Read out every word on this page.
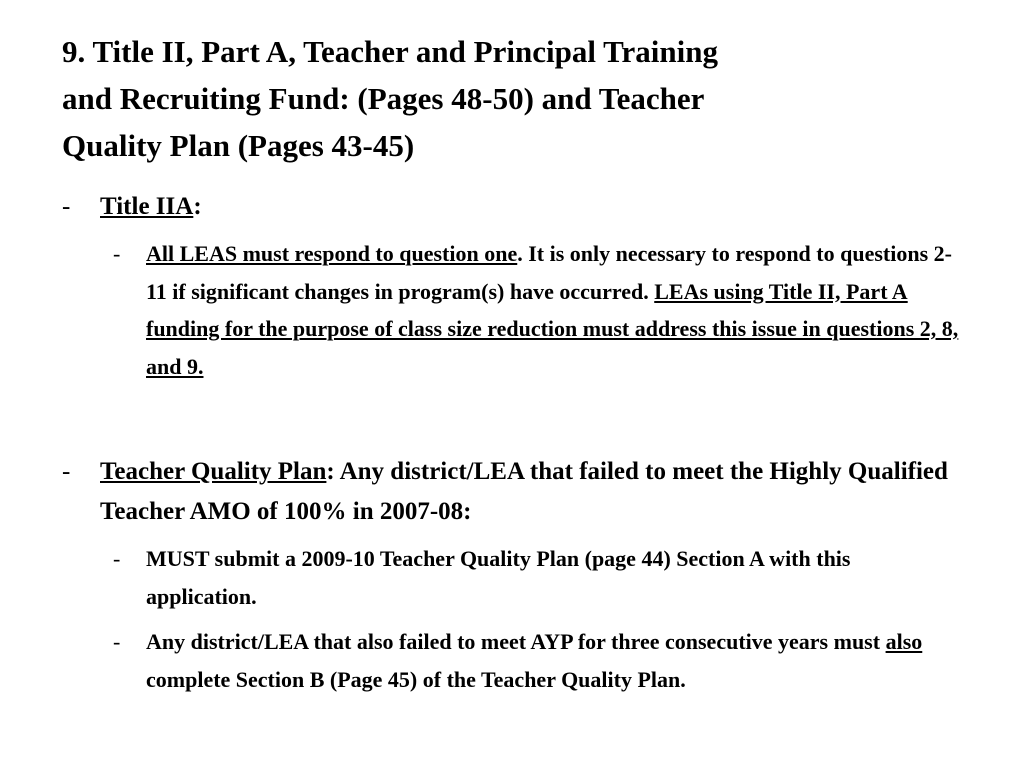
9. Title II, Part A, Teacher and Principal Training
and Recruiting Fund: (Pages 48-50) and Teacher
Quality Plan (Pages 43-45)
- Title IIA:
- All LEAS must respond to question one. It is only necessary to respond to questions 2-11 if significant changes in program(s) have occurred. LEAs using Title II, Part A funding for the purpose of class size reduction must address this issue in questions 2, 8, and 9.
- Teacher Quality Plan: Any district/LEA that failed to meet the Highly Qualified Teacher AMO of 100% in 2007-08:
- MUST submit a 2009-10 Teacher Quality Plan (page 44) Section A with this application.
- Any district/LEA that also failed to meet AYP for three consecutive years must also complete Section B (Page 45) of the Teacher Quality Plan.
